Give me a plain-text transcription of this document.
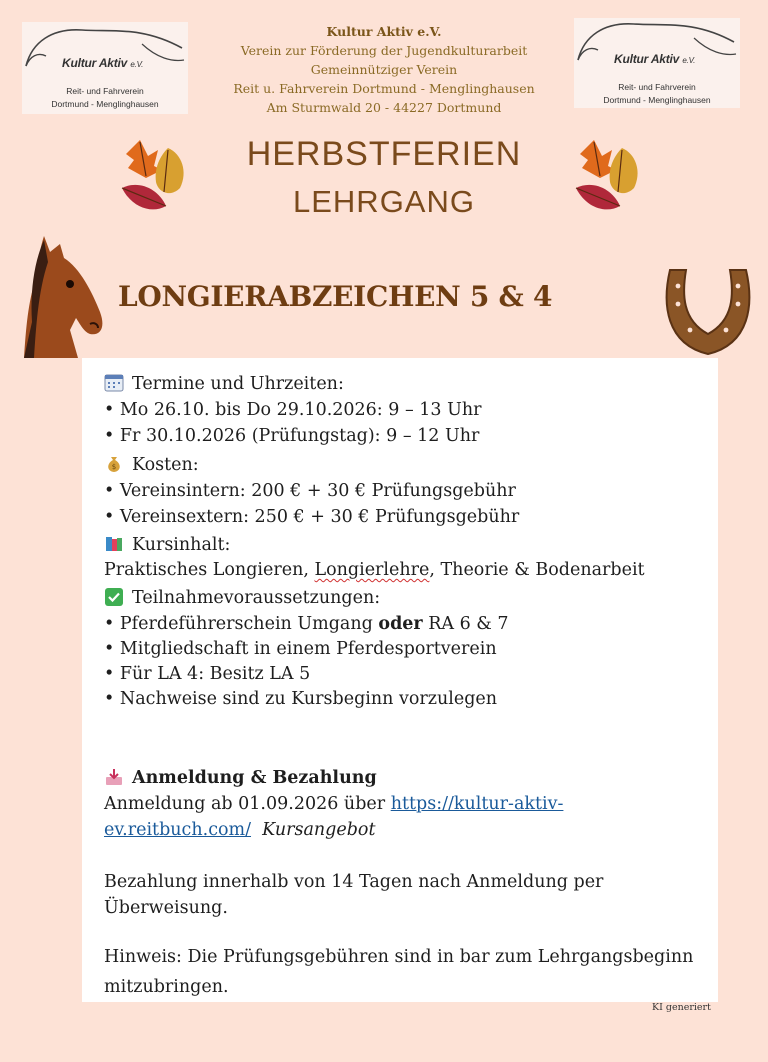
Kultur Aktiv e.V.
Reit- und Fahrverein
Dortmund - Menglinghausen
Kultur Aktiv e.V.
Reit- und Fahrverein
Dortmund - Menglinghausen
Kultur Aktiv e.V.
Verein zur Förderung der Jugendkulturarbeit
Gemeinnütziger Verein
Reit u. Fahrverein Dortmund - Menglinghausen
Am Sturmwald 20 - 44227 Dortmund
HERBSTFERIEN
LEHRGANG
LONGIERABZEICHEN 5 & 4
Termine und Uhrzeiten:
• Mo 26.10. bis Do 29.10.2026: 9 – 13 Uhr
• Fr 30.10.2026 (Prüfungstag): 9 – 12 Uhr
$ Kosten:
• Vereinsintern: 200 € + 30 € Prüfungsgebühr
• Vereinsextern: 250 € + 30 € Prüfungsgebühr
Kursinhalt:
Praktisches Longieren, Longierlehre, Theorie & Bodenarbeit
Teilnahmevoraussetzungen:
• Pferdeführerschein Umgang oder RA 6 & 7
• Mitgliedschaft in einem Pferdesportverein
• Für LA 4: Besitz LA 5
• Nachweise sind zu Kursbeginn vorzulegen
Anmeldung & Bezahlung
Anmeldung ab 01.09.2026 über https://kultur-aktiv-
ev.reitbuch.com/ Kursangebot
Bezahlung innerhalb von 14 Tagen nach Anmeldung per
Überweisung.
Hinweis: Die Prüfungsgebühren sind in bar zum Lehrgangsbeginn
mitzubringen.
KI generiert
